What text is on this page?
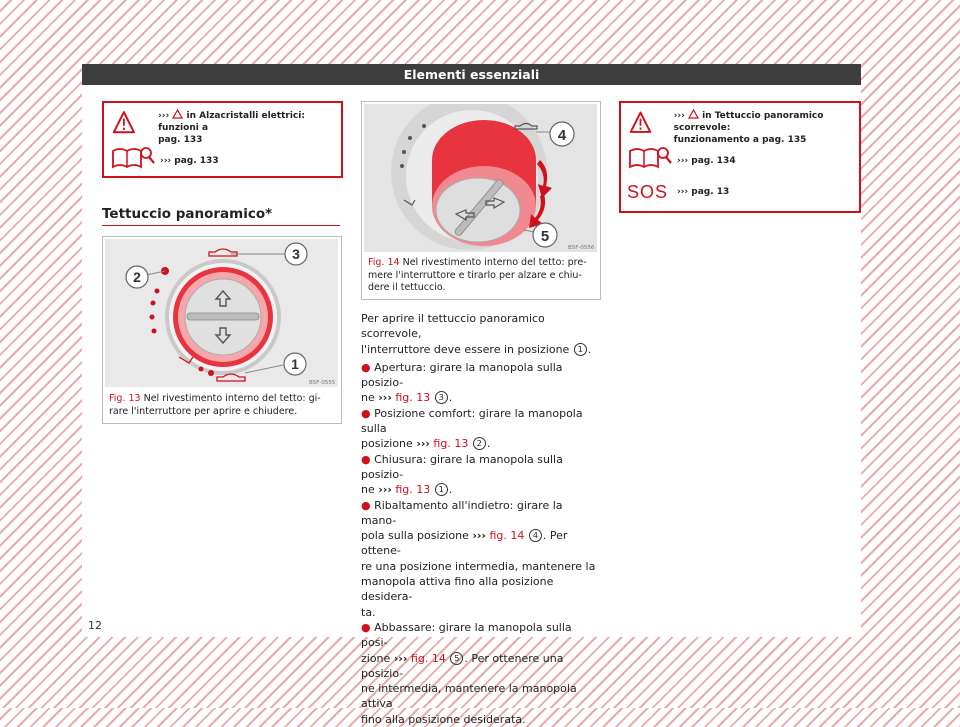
Elementi essenziali
››› in Alzacristalli elettrici: funzioni a
pag. 133
››› pag. 133
Tettuccio panoramico*
2
3
1
B5F-0555
Fig. 13 Nel rivestimento interno del tetto: gi-
rare l'interruttore per aprire e chiudere.
4
5
B5F-0556
Fig. 14 Nel rivestimento interno del tetto: pre-
mere l'interruttore e tirarlo per alzare e chiu-
dere il tettuccio.

Per aprire il tettuccio panoramico scorrevole,
l'interruttore deve essere in posizione 1 .

● Apertura: girare la manopola sulla posizio-
ne ››› fig. 13 3 .

● Posizione comfort: girare la manopola sulla
posizione ››› fig. 13 2 .

● Chiusura: girare la manopola sulla posizio-
ne ››› fig. 13 1 .

● Ribaltamento all'indietro: girare la mano-
pola sulla posizione ››› fig. 14 4 . Per ottene-
re una posizione intermedia, mantenere la
manopola attiva fino alla posizione desidera-
ta.

● Abbassare: girare la manopola sulla posi-
zione ››› fig. 14 5 . Per ottenere una posizio-
ne intermedia, mantenere la manopola attiva
fino alla posizione desiderata.

››› in Tettuccio panoramico scorrevole:
funzionamento a pag. 135
››› pag. 134
SOS ››› pag. 13
12
